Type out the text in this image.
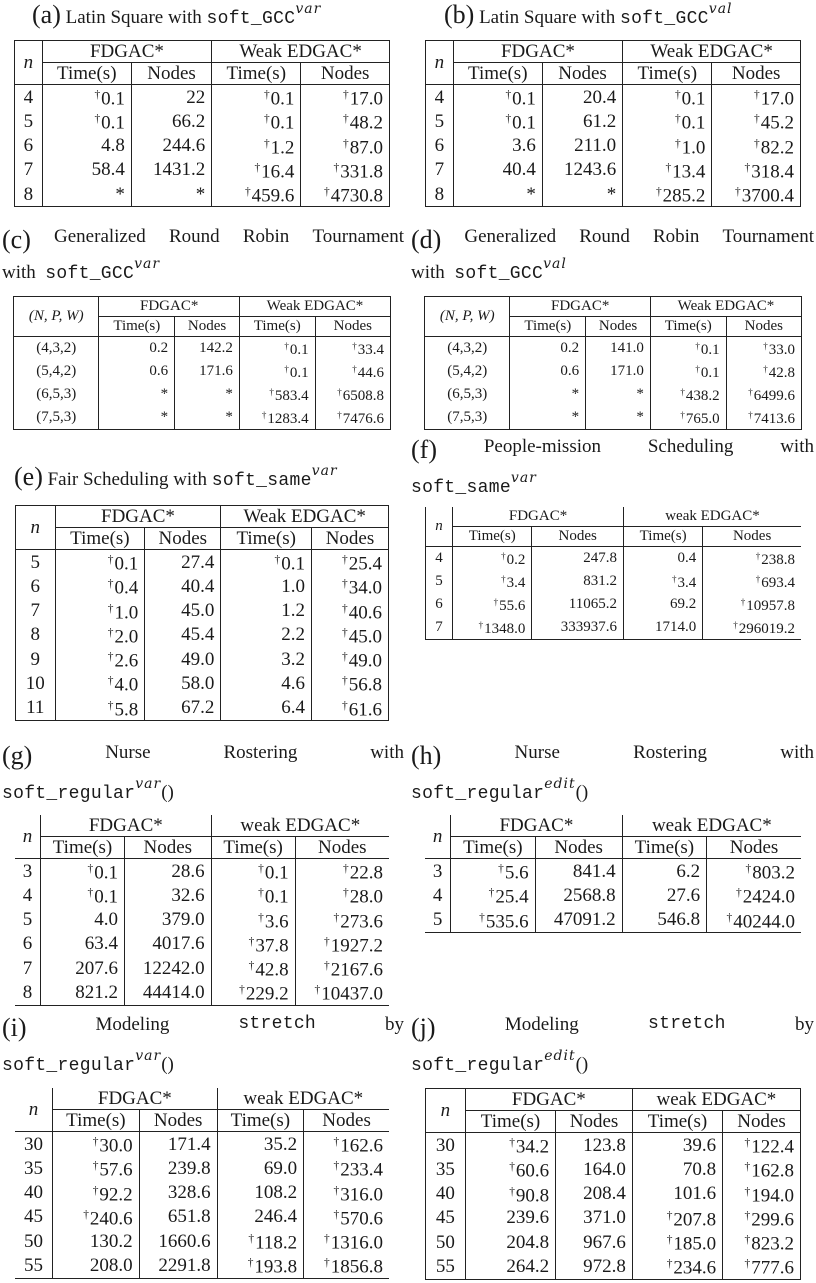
(a) Latin Square with $soft\_GCC^{var}$
n	FDGAC*		Weak EDGAC*	
	Time(s)	Nodes	Time(s)	Nodes
4	†0.1	22	†0.1	†17.0
5	†0.1	66.2	†0.1	†48.2
6	4.8	244.6	†1.2	†87.0
7	58.4	1431.2	†16.4	†331.8
8	*	*	†459.6	†4730.8
(b) Latin Square with $soft\_GCC^{val}$
n	FDGAC*		Weak EDGAC*	
	Time(s)	Nodes	Time(s)	Nodes
4	†0.1	20.4	†0.1	†17.0
5	†0.1	61.2	†0.1	†45.2
6	3.6	211.0	†1.0	†82.2
7	40.4	1243.6	†13.4	†318.4
8	*	*	†285.2	†3700.4
(c) Generalized Round Robin Tournament
with  $soft\_GCC^{var}$
(N, P, W)	FDGAC*		Weak EDGAC*	
	Time(s)	Nodes	Time(s)	Nodes
(4,3,2)	0.2	142.2	†0.1	†33.4
(5,4,2)	0.6	171.6	†0.1	†44.6
(6,5,3)	*	*	†583.4	†6508.8
(7,5,3)	*	*	†1283.4	†7476.6
(d) Generalized Round Robin Tournament
with  $soft\_GCC^{val}$
(N, P, W)	FDGAC*		Weak EDGAC*	
	Time(s)	Nodes	Time(s)	Nodes
(4,3,2)	0.2	141.0	†0.1	†33.0
(5,4,2)	0.6	171.0	†0.1	†42.8
(6,5,3)	*	*	†438.2	†6499.6
(7,5,3)	*	*	†765.0	†7413.6
(e) Fair Scheduling with soft_same$^{var}$
n	FDGAC*		Weak EDGAC*	
	Time(s)	Nodes	Time(s)	Nodes
5	†0.1	27.4	†0.1	†25.4
6	†0.4	40.4	1.0	†34.0
7	†1.0	45.0	1.2	†40.6
8	†2.0	45.4	2.2	†45.0
9	†2.6	49.0	3.2	†49.0
10	†4.0	58.0	4.6	†56.8
11	†5.8	67.2	6.4	†61.6
(f) People-mission Scheduling with
soft_same$^{var}$
n	FDGAC*		weak EDGAC*	
	Time(s)	Nodes	Time(s)	Nodes
4	†0.2	247.8	0.4	†238.8
5	†3.4	831.2	†3.4	†693.4
6	†55.6	11065.2	69.2	†10957.8
7	†1348.0	333937.6	1714.0	†296019.2
(g)	Nurse	Rostering	with
soft_regular$^{var}$()
n	FDGAC*		weak EDGAC*	
	Time(s)	Nodes	Time(s)	Nodes
3	†0.1	28.6	†0.1	†22.8
4	†0.1	32.6	†0.1	†28.0
5	4.0	379.0	†3.6	†273.6
6	63.4	4017.6	†37.8	†1927.2
7	207.6	12242.0	†42.8	†2167.6
8	821.2	44414.0	†229.2	†10437.0
(h)	Nurse	Rostering	with
soft_regular$^{edit}$()
n	FDGAC*		weak EDGAC*	
	Time(s)	Nodes	Time(s)	Nodes
3	†5.6	841.4	6.2	†803.2
4	†25.4	2568.8	27.6	†2424.0
5	†535.6	47091.2	546.8	†40244.0
(i)	Modeling	stretch	by
soft_regular$^{var}$()
n	FDGAC*		weak EDGAC*	
	Time(s)	Nodes	Time(s)	Nodes
30	†30.0	171.4	35.2	†162.6
35	†57.6	239.8	69.0	†233.4
40	†92.2	328.6	108.2	†316.0
45	†240.6	651.8	246.4	†570.6
50	130.2	1660.6	†118.2	†1316.0
55	208.0	2291.8	†193.8	†1856.8
(j)	Modeling	stretch	by
soft_regular$^{edit}$()
n	FDGAC*		weak EDGAC*	
	Time(s)	Nodes	Time(s)	Nodes
30	†34.2	123.8	39.6	†122.4
35	†60.6	164.0	70.8	†162.8
40	†90.8	208.4	101.6	†194.0
45	239.6	371.0	†207.8	†299.6
50	204.8	967.6	†185.0	†823.2
55	264.2	972.8	†234.6	†777.6
